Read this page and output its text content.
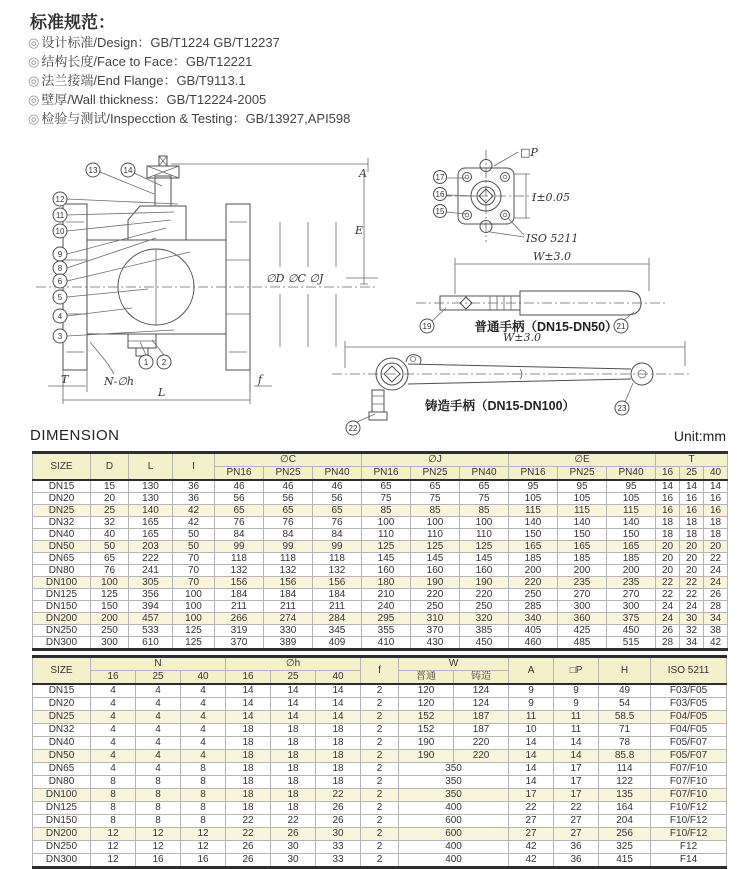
标准规范：
◎ 设计标准/Design：GB/T1224 GB/T12237
◎ 结构长度/Face to Face：GB/T12221
◎ 法兰接端/End Flange：GB/T9113.1
◎ 壁厚/Wall thickness：GB/T12224-2005
◎ 检验与测试/Inspecction & Testing：GB/13927,API598
A
E
∅D ∅C ∅J
T	N-∅h
L
f
13	14
12
11
10
9
8
6
5
4
3
1 2
□P
I±0.05
ISO 5211
17
16
15
W±3.0
19	21
普通手柄（DN15-DN50）
W±3.0
22
23
铸造手柄（DN15-DN100）
DIMENSION	Unit:mm
SIZE	D	L	I	∅C			∅J			∅E			T		
				PN16	PN25	PN40	PN16	PN25	PN40	PN16	PN25	PN40	16	25	40
DN15	15	130	36	46	46	46	65	65	65	95	95	95	14	14	14
DN20	20	130	36	56	56	56	75	75	75	105	105	105	16	16	16
DN25	25	140	42	65	65	65	85	85	85	115	115	115	16	16	16
DN32	32	165	42	76	76	76	100	100	100	140	140	140	18	18	18
DN40	40	165	50	84	84	84	110	110	110	150	150	150	18	18	18
DN50	50	203	50	99	99	99	125	125	125	165	165	165	20	20	20
DN65	65	222	70	118	118	118	145	145	145	185	185	185	20	20	22
DN80	76	241	70	132	132	132	160	160	160	200	200	200	20	20	24
DN100	100	305	70	156	156	156	180	190	190	220	235	235	22	22	24
DN125	125	356	100	184	184	184	210	220	220	250	270	270	22	22	26
DN150	150	394	100	211	211	211	240	250	250	285	300	300	24	24	28
DN200	200	457	100	266	274	284	295	310	320	340	360	375	24	30	34
DN250	250	533	125	319	330	345	355	370	385	405	425	450	26	32	38
DN300	300	610	125	370	389	409	410	430	450	460	485	515	28	34	42
SIZE	N			∅h			f	W		A	□P	H	ISO 5211
	16	25	40	16	25	40		普通	铸造				
DN15	4	4	4	14	14	14	2	120	124	9	9	49	F03/F05
DN20	4	4	4	14	14	14	2	120	124	9	9	54	F03/F05
DN25	4	4	4	14	14	14	2	152	187	11	11	58.5	F04/F05
DN32	4	4	4	18	18	18	2	152	187	10	11	71	F04/F05
DN40	4	4	4	18	18	18	2	190	220	14	14	78	F05/F07
DN50	4	4	4	18	18	18	2	190	220	14	14	85.8	F05/F07
DN65	4	4	8	18	18	18	2	350		14	17	114	F07/F10
DN80	8	8	8	18	18	18	2	350		14	17	122	F07/F10
DN100	8	8	8	18	18	22	2	350		17	17	135	F07/F10
DN125	8	8	8	18	18	26	2	400		22	22	164	F10/F12
DN150	8	8	8	22	22	26	2	600		27	27	204	F10/F12
DN200	12	12	12	22	26	30	2	600		27	27	256	F10/F12
DN250	12	12	12	26	30	33	2	400		42	36	325	F12
DN300	12	16	16	26	30	33	2	400		42	36	415	F14
